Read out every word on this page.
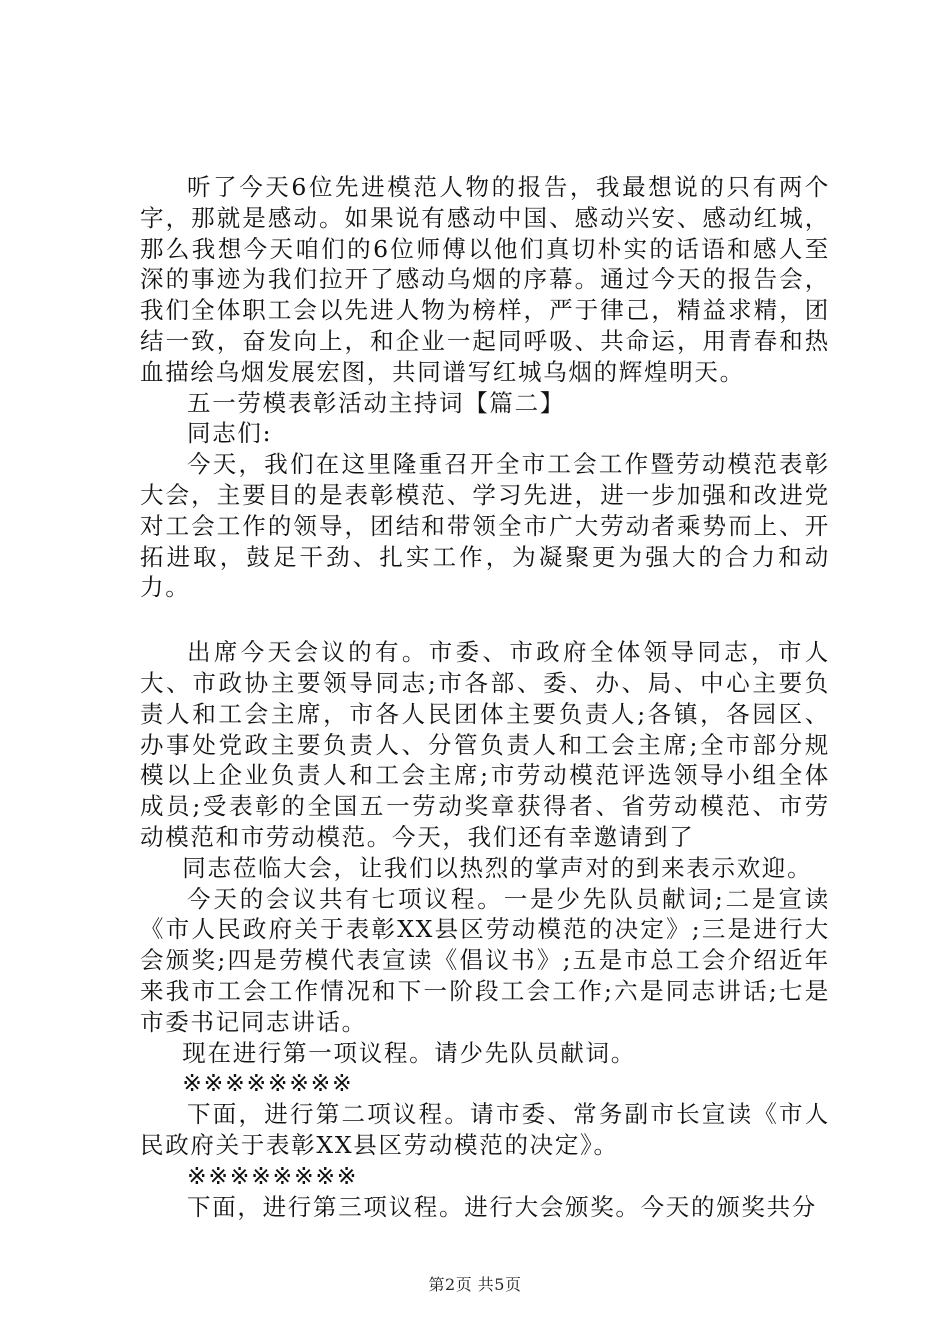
听了今天6位先进模范人物的报告，我最想说的只有两个字，那就是感动。如果说有感动中国、感动兴安、感动红城，那么我想今天咱们的6位师傅以他们真切朴实的话语和感人至深的事迹为我们拉开了感动乌烟的序幕。通过今天的报告会，我们全体职工会以先进人物为榜样，严于律己，精益求精，团结一致，奋发向上，和企业一起同呼吸、共命运，用青春和热血描绘乌烟发展宏图，共同谱写红城乌烟的辉煌明天。

五一劳模表彰活动主持词【篇二】

同志们:

今天，我们在这里隆重召开全市工会工作暨劳动模范表彰大会，主要目的是表彰模范、学习先进，进一步加强和改进党对工会工作的领导，团结和带领全市广大劳动者乘势而上、开拓进取，鼓足干劲、扎实工作，为凝聚更为强大的合力和动力。

出席今天会议的有。市委、市政府全体领导同志，市人大、市政协主要领导同志;市各部、委、办、局、中心主要负责人和工会主席，市各人民团体主要负责人;各镇，各园区、办事处党政主要负责人、分管负责人和工会主席;全市部分规模以上企业负责人和工会主席;市劳动模范评选领导小组全体成员;受表彰的全国五一劳动奖章获得者、省劳动模范、市劳动模范和市劳动模范。今天，我们还有幸邀请到了

同志莅临大会，让我们以热烈的掌声对的到来表示欢迎。

今天的会议共有七项议程。一是少先队员献词;二是宣读《市人民政府关于表彰XX县区劳动模范的决定》;三是进行大会颁奖;四是劳模代表宣读《倡议书》;五是市总工会介绍近年来我市工会工作情况和下一阶段工会工作;六是同志讲话;七是市委书记同志讲话。

现在进行第一项议程。请少先队员献词。

※※※※※※※※

下面，进行第二项议程。请市委、常务副市长宣读《市人民政府关于表彰XX县区劳动模范的决定》。

※※※※※※※※

下面，进行第三项议程。进行大会颁奖。今天的颁奖共分

第2页 共5页
